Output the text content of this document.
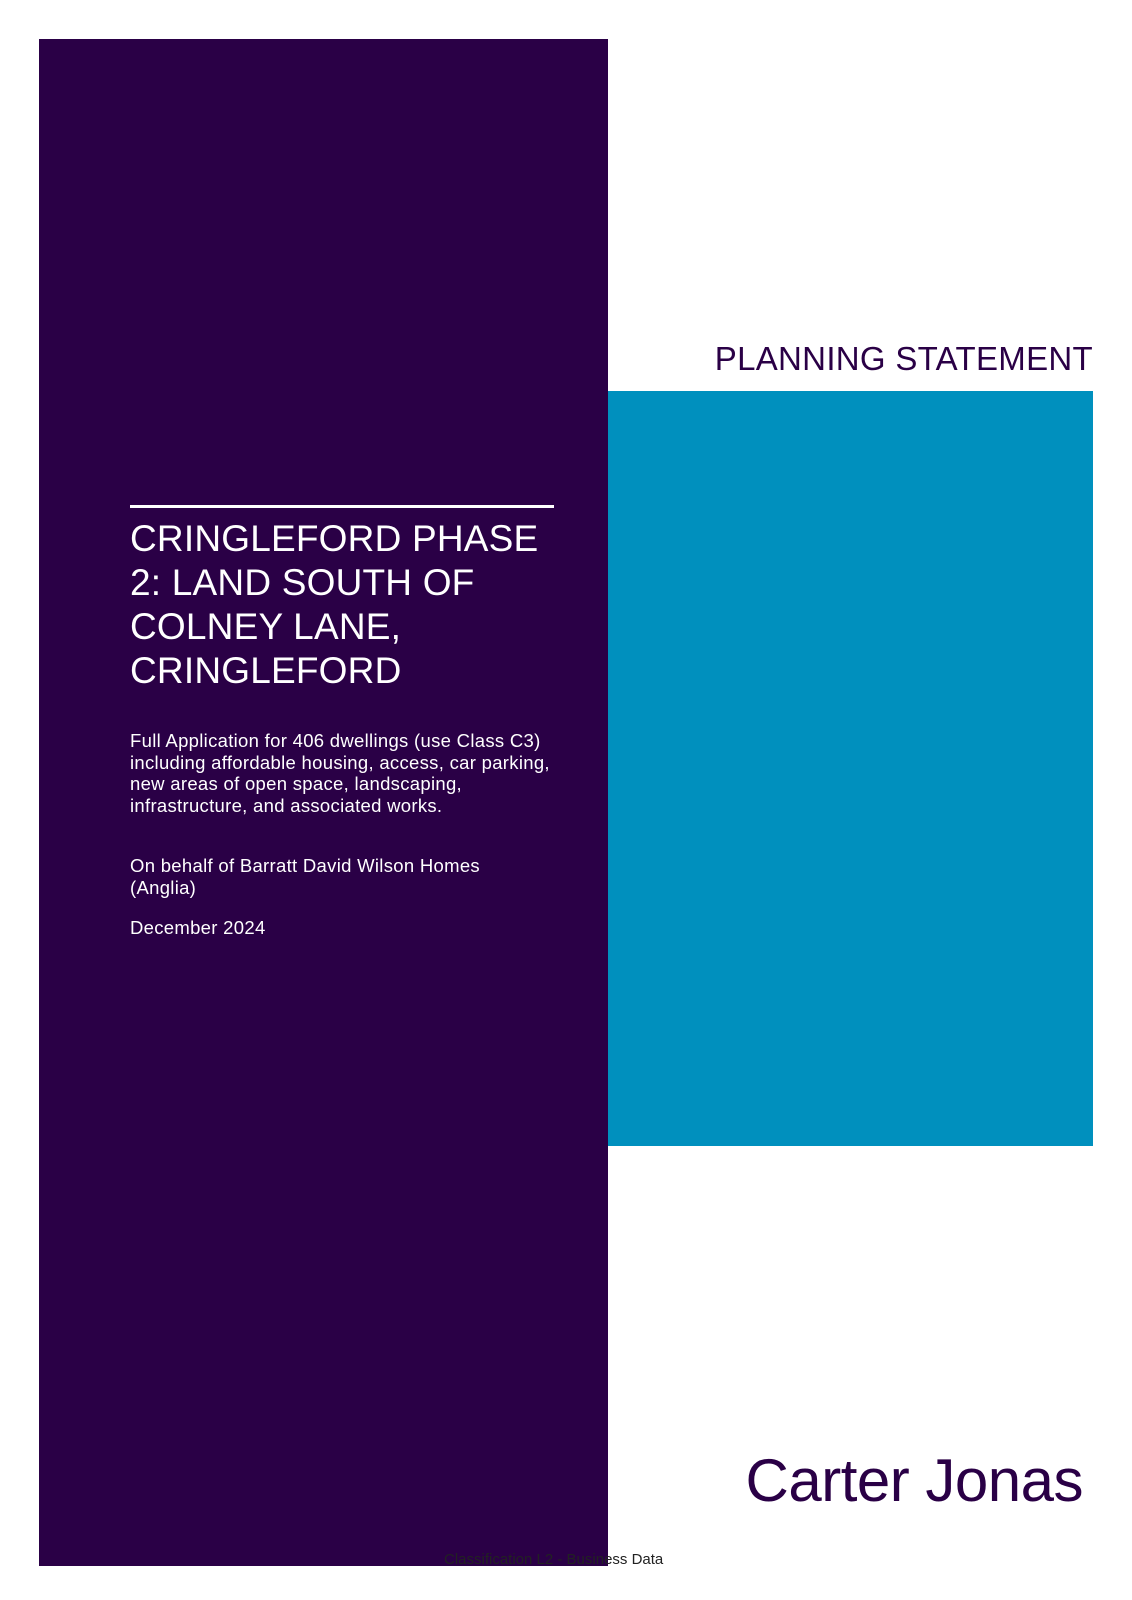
CRINGLEFORD PHASE 2: LAND SOUTH OF COLNEY LANE, CRINGLEFORD

Full Application for 406 dwellings (use Class C3) including affordable housing, access, car parking, new areas of open space, landscaping, infrastructure, and associated works.

On behalf of Barratt David Wilson Homes (Anglia)

December 2024

PLANNING STATEMENT
Carter Jonas
Classification L2 - Business Data
